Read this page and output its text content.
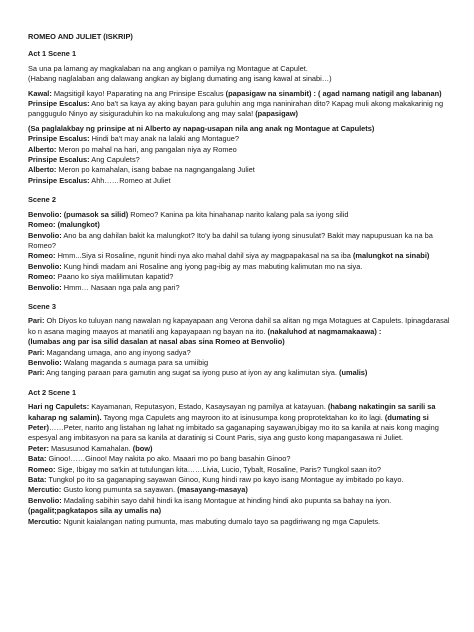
ROMEO AND JULIET (ISKRIP)
Act 1 Scene 1

Sa una pa lamang ay magkalaban na ang angkan o pamilya ng Montague at Capulet.

(Habang naglalaban ang dalawang angkan ay biglang dumating ang isang kawal at sinabi…)

Kawal: Magsitigil kayo! Paparating na ang Prinsipe Escalus (papasigaw na sinambit) : ( agad namang natigil ang labanan)

Prinsipe Escalus: Ano ba't sa kaya ay aking bayan para guluhin ang mga naninirahan dito? Kapag muli akong makakarinig ng panggugulo Ninyo ay sisiguraduhin ko na makukulong ang may sala! (papasigaw)

(Sa paglalakbay ng prinsipe at ni Alberto ay napag-usapan nila ang anak ng Montague at Capulets)

Prinsipe Escalus: Hindi ba't may anak na lalaki ang Montague?

Alberto: Meron po mahal na hari, ang pangalan niya ay Romeo

Prinsipe Escalus: Ang Capulets?

Alberto: Meron po kamahalan, isang babae na nagngangalang Juliet

Prinsipe Escalus: Ahh……Romeo at Juliet

Scene 2

Benvolio: (pumasok sa silid) Romeo? Kanina pa kita hinahanap narito kalang pala sa iyong silid

Romeo: (malungkot)

Benvolio: Ano ba ang dahilan bakit ka malungkot? Ito'y ba dahil sa tulang iyong sinusulat? Bakit may napupusuan ka na ba Romeo?

Romeo: Hmm...Siya si Rosaline, ngunit hindi nya ako mahal dahil siya ay magpapakasal na sa iba (malungkot na sinabi)

Benvolio: Kung hindi madam ani Rosaline ang iyong pag-ibig ay mas mabuting kalimutan mo na siya.

Romeo: Paano ko siya malilimutan kapatid?

Benvolio: Hmm… Nasaan nga pala ang pari?

Scene 3

Pari: Oh Diyos ko tuluyan nang nawalan ng kapayapaan ang Verona dahil sa alitan ng mga Motagues at Capulets. Ipinagdarasal ko n asana maging maayos at manatili ang kapayapaan ng bayan na ito. (nakaluhod at nagmamakaawa) :

(lumabas ang par isa silid dasalan at nasal abas sina Romeo at Benvolio)

Pari: Magandang umaga, ano ang inyong sadya?

Benvolio: Walang maganda s aumaga para sa umiibig

Pari: Ang tanging paraan para gamutin ang sugat sa iyong puso at iyon ay ang kalimutan siya. (umalis)

Act 2 Scene 1

Hari ng Capulets: Kayamanan, Reputasyon, Estado, Kasaysayan ng pamilya at katayuan. (habang nakatingin sa sarili sa kaharap ng salamin). Tayong mga Capulets ang mayroon ito at isinusumpa kong proprotektahan ko ito lagi. (dumating si Peter)……Peter, narito ang listahan ng lahat ng imbitado sa gaganaping sayawan,ibigay mo ito sa kanila at nais kong maging espesyal ang imbitasyon na para sa kanila at daratinig si Count Paris, siya ang gusto kong mapangasawa ni Juliet.

Peter: Masusunod Kamahalan. (bow)

Bata: Ginoo!……Ginoo! May nakita po ako. Maaari mo po bang basahin Ginoo?

Romeo: Sige, Ibigay mo sa'kin at tutulungan kita……Livia, Lucio, Tybalt, Rosaline, Paris? Tungkol saan ito?

Bata: Tungkol po ito sa gaganaping sayawan Ginoo, Kung hindi raw po kayo isang Montague ay imbitado po kayo.

Mercutio: Gusto kong pumunta sa sayawan. (masayang-masaya)

Benvolio: Madaling sabihin sayo dahil hindi ka isang Montague at hinding hindi ako pupunta sa bahay na iyon.

(pagalit;pagkatapos sila ay umalis na)

Mercutio: Ngunit kaialangan nating pumunta, mas mabuting dumalo tayo sa pagdiriwang ng mga Capulets.
